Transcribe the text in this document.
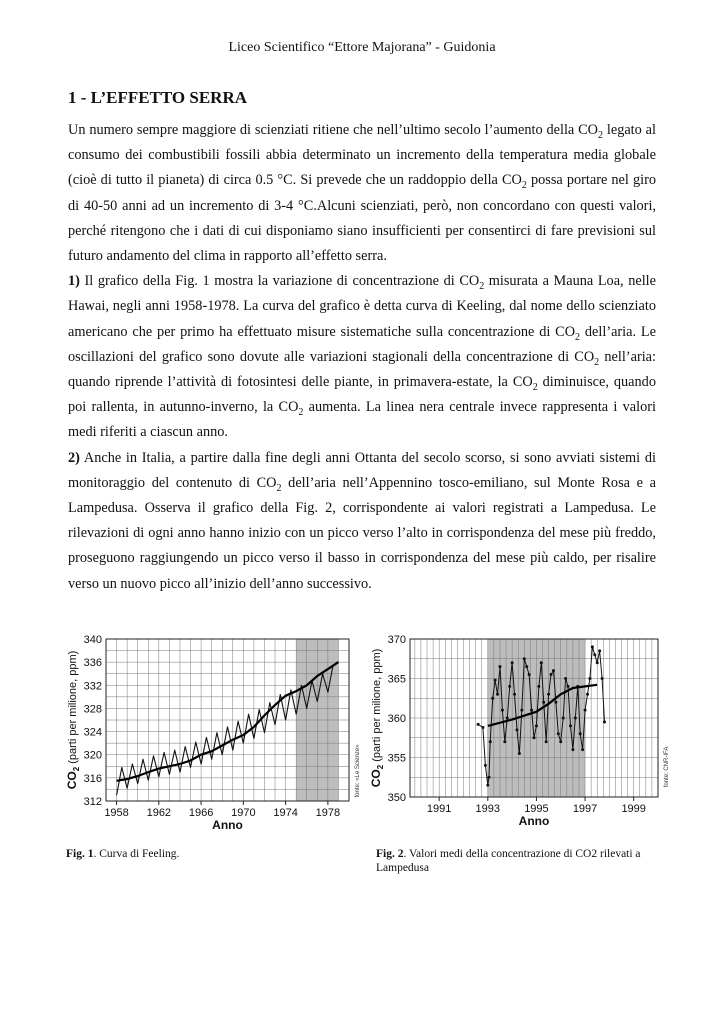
Liceo Scientifico “Ettore Majorana” - Guidonia
1 - L’EFFETTO SERRA

Un numero sempre maggiore di scienziati ritiene che nell’ultimo secolo l’aumento della $CO_2$ legato al consumo dei combustibili fossili abbia determinato un incremento della temperatura media globale (cioè di tutto il pianeta) di circa 0.5 °C. Si prevede che un raddoppio della $CO_2$ possa portare nel giro di 40-50 anni ad un incremento di 3-4 °C.Alcuni scienziati, però, non concordano con questi valori, perché ritengono che i dati di cui disponiamo siano insufficienti per consentirci di fare previsioni sul futuro andamento del clima in rapporto all’effetto serra.

1) Il grafico della Fig. 1 mostra la variazione di concentrazione di $CO_2$ misurata a Mauna Loa, nelle Hawai, negli anni 1958-1978. La curva del grafico è detta curva di Keeling, dal nome dello scienziato americano che per primo ha effettuato misure sistematiche sulla concentrazione di $CO_2$ dell’aria. Le oscillazioni del grafico sono dovute alle variazioni stagionali della concentrazione di $CO_2$ nell’aria: quando riprende l’attività di fotosintesi delle piante, in primavera-estate, la $CO_2$ diminuisce, quando poi rallenta, in autunno-inverno, la $CO_2$ aumenta. La linea nera centrale invece rappresenta i valori medi riferiti a ciascun anno.

2) Anche in Italia, a partire dalla fine degli anni Ottanta del secolo scorso, si sono avviati sistemi di monitoraggio del contenuto di $CO_2$ dell’aria nell’Appennino tosco-emiliano, sul Monte Rosa e a Lampedusa. Osserva il grafico della Fig. 2, corrispondente ai valori registrati a Lampedusa. Le rilevazioni di ogni anno hanno inizio con un picco verso l’alto in corrispondenza del mese più freddo, proseguono raggiungendo un picco verso il basso in corrispondenza del mese più caldo, per risalire verso un nuovo picco all’inizio dell’anno successivo.

312
316
320
324
328
332
336
340
1958 1962 1966 1970 1974 1978
Anno
$CO_2$ (parti per milione, ppm)
fonte: «Le Scienze»
350
355
360
365
370
1991 1993 1995 1997 1999
Anno
$CO_2$ (parti per milione, ppm)
fonte: CNR-IFA
Fig. 1. Curva di Feeling.	Fig. 2. Valori medi della concentrazione di CO2 rilevati a Lampedusa
